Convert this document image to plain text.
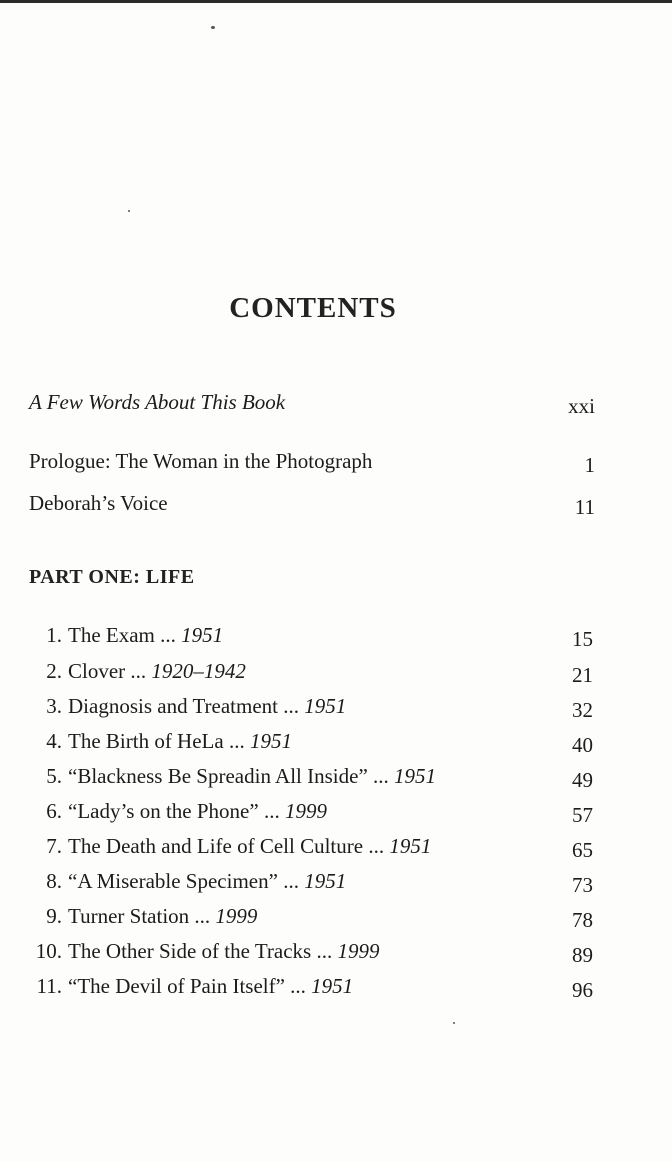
CONTENTS
A Few Words About This Book	xxi
Prologue: The Woman in the Photograph	1
Deborah’s Voice	11
PART ONE: LIFE
1. The Exam ... 1951	15
2. Clover ... 1920–1942	21
3. Diagnosis and Treatment ... 1951	32
4. The Birth of HeLa ... 1951	40
5. “Blackness Be Spreadin All Inside” ... 1951	49
6. “Lady’s on the Phone” ... 1999	57
7. The Death and Life of Cell Culture ... 1951	65
8. “A Miserable Specimen” ... 1951	73
9. Turner Station ... 1999	78
10. The Other Side of the Tracks ... 1999	89
11. “The Devil of Pain Itself” ... 1951	96
